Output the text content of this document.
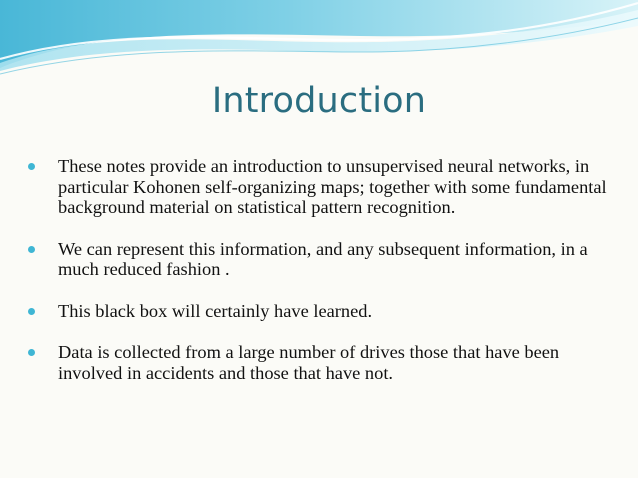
Introduction
These notes provide an introduction to unsupervised neural networks, in particular Kohonen self-organizing maps; together with some fundamental background material on statistical pattern recognition.
We can represent this information, and any subsequent information, in a much reduced fashion .
This black box will certainly have learned.
Data is collected from a large number of drives those that have been involved in accidents and those that have not.
